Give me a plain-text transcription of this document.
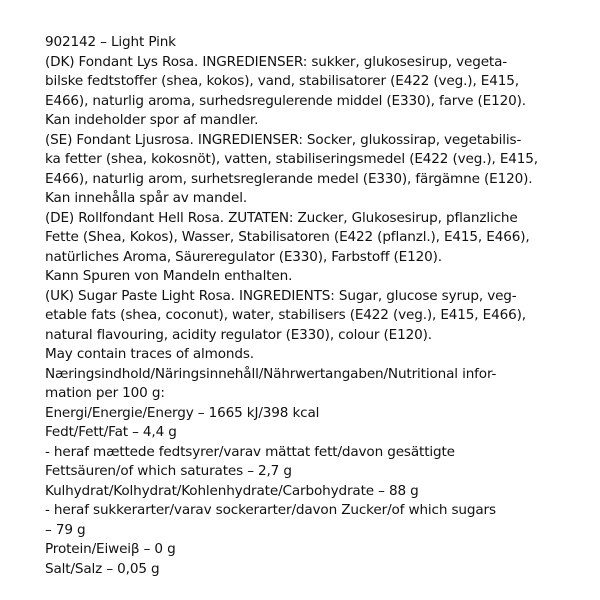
902142 – Light Pink
(DK) Fondant Lys Rosa. INGREDIENSER: sukker, glukosesirup, vegeta-
bilske fedtstoffer (shea, kokos), vand, stabilisatorer (E422 (veg.), E415,
E466), naturlig aroma, surhedsregulerende middel (E330), farve (E120).
Kan indeholder spor af mandler.
(SE) Fondant Ljusrosa. INGREDIENSER: Socker, glukossirap, vegetabilis-
ka fetter (shea, kokosnöt), vatten, stabiliseringsmedel (E422 (veg.), E415,
E466), naturlig arom, surhetsreglerande medel (E330), färgämne (E120).
Kan innehålla spår av mandel.
(DE) Rollfondant Hell Rosa. ZUTATEN: Zucker, Glukosesirup, pflanzliche
Fette (Shea, Kokos), Wasser, Stabilisatoren (E422 (pflanzl.), E415, E466),
natürliches Aroma, Säureregulator (E330), Farbstoff (E120).
Kann Spuren von Mandeln enthalten.
(UK) Sugar Paste Light Rosa. INGREDIENTS: Sugar, glucose syrup, veg-
etable fats (shea, coconut), water, stabilisers (E422 (veg.), E415, E466),
natural flavouring, acidity regulator (E330), colour (E120).
May contain traces of almonds.
Næringsindhold/Näringsinnehåll/Nährwertangaben/Nutritional infor-
mation per 100 g:
Energi/Energie/Energy – 1665 kJ/398 kcal
Fedt/Fett/Fat – 4,4 g
- heraf mættede fedtsyrer/varav mättat fett/davon gesättigte
Fettsäuren/of which saturates – 2,7 g
Kulhydrat/Kolhydrat/Kohlenhydrate/Carbohydrate – 88 g
- heraf sukkerarter/varav sockerarter/davon Zucker/of which sugars
– 79 g
Protein/Eiweiβ – 0 g
Salt/Salz – 0,05 g
